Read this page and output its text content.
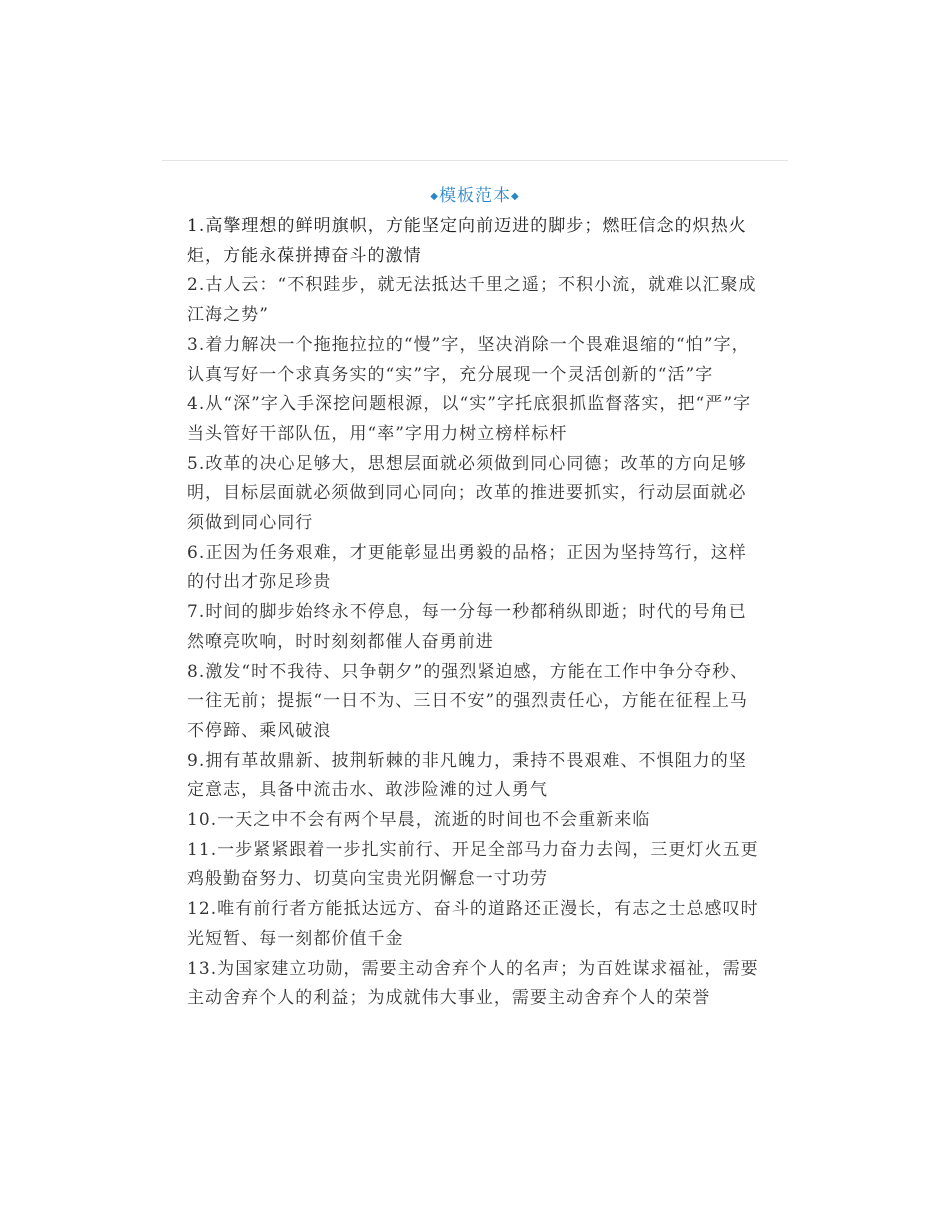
◆模板范本◆
1.高擎理想的鲜明旗帜，方能坚定向前迈进的脚步；燃旺信念的炽热火炬，方能永葆拼搏奋斗的激情
2.古人云：“不积跬步，就无法抵达千里之遥；不积小流，就难以汇聚成江海之势”
3.着力解决一个拖拖拉拉的“慢”字，坚决消除一个畏难退缩的“怕”字，认真写好一个求真务实的“实”字，充分展现一个灵活创新的“活”字
4.从“深”字入手深挖问题根源，以“实”字托底狠抓监督落实，把“严”字当头管好干部队伍，用“率”字用力树立榜样标杆
5.改革的决心足够大，思想层面就必须做到同心同德；改革的方向足够明，目标层面就必须做到同心同向；改革的推进要抓实，行动层面就必须做到同心同行
6.正因为任务艰难，才更能彰显出勇毅的品格；正因为坚持笃行，这样的付出才弥足珍贵
7.时间的脚步始终永不停息，每一分每一秒都稍纵即逝；时代的号角已然嘹亮吹响，时时刻刻都催人奋勇前进
8.激发“时不我待、只争朝夕”的强烈紧迫感，方能在工作中争分夺秒、一往无前；提振“一日不为、三日不安”的强烈责任心，方能在征程上马不停蹄、乘风破浪
9.拥有革故鼎新、披荆斩棘的非凡魄力，秉持不畏艰难、不惧阻力的坚定意志，具备中流击水、敢涉险滩的过人勇气
10.一天之中不会有两个早晨，流逝的时间也不会重新来临
11.一步紧紧跟着一步扎实前行、开足全部马力奋力去闯，三更灯火五更鸡般勤奋努力、切莫向宝贵光阴懈怠一寸功劳
12.唯有前行者方能抵达远方、奋斗的道路还正漫长，有志之士总感叹时光短暂、每一刻都价值千金
13.为国家建立功勋，需要主动舍弃个人的名声；为百姓谋求福祉，需要主动舍弃个人的利益；为成就伟大事业，需要主动舍弃个人的荣誉
